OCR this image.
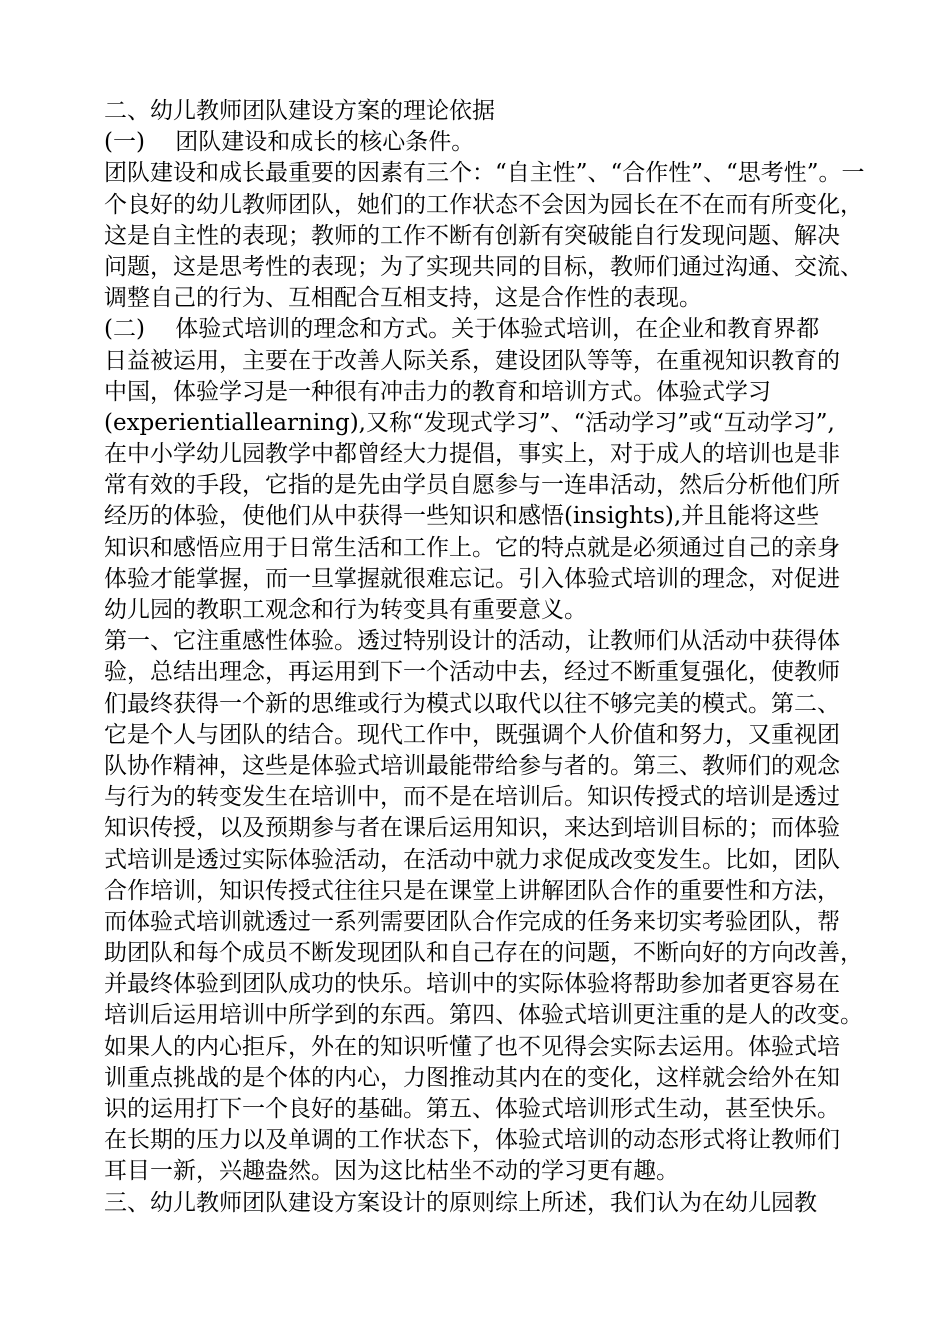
二、幼儿教师团队建设方案的理论依据
(一)　 团队建设和成长的核心条件。
团队建设和成长最重要的因素有三个：“自主性”、“合作性”、“思考性”。一
个良好的幼儿教师团队，她们的工作状态不会因为园长在不在而有所变化，
这是自主性的表现；教师的工作不断有创新有突破能自行发现问题、解决
问题，这是思考性的表现；为了实现共同的目标，教师们通过沟通、交流、
调整自己的行为、互相配合互相支持，这是合作性的表现。
(二)　 体验式培训的理念和方式。关于体验式培训，在企业和教育界都
日益被运用，主要在于改善人际关系，建设团队等等，在重视知识教育的
中国，体验学习是一种很有冲击力的教育和培训方式。体验式学习
(experientiallearning),又称“发现式学习”、“活动学习”或“互动学习”,
在中小学幼儿园教学中都曾经大力提倡，事实上，对于成人的培训也是非
常有效的手段，它指的是先由学员自愿参与一连串活动，然后分析他们所
经历的体验，使他们从中获得一些知识和感悟(insights),并且能将这些
知识和感悟应用于日常生活和工作上。它的特点就是必须通过自己的亲身
体验才能掌握，而一旦掌握就很难忘记。引入体验式培训的理念，对促进
幼儿园的教职工观念和行为转变具有重要意义。
第一、它注重感性体验。透过特别设计的活动，让教师们从活动中获得体
验，总结出理念，再运用到下一个活动中去，经过不断重复强化，使教师
们最终获得一个新的思维或行为模式以取代以往不够完美的模式。第二、
它是个人与团队的结合。现代工作中，既强调个人价值和努力，又重视团
队协作精神，这些是体验式培训最能带给参与者的。第三、教师们的观念
与行为的转变发生在培训中，而不是在培训后。知识传授式的培训是透过
知识传授，以及预期参与者在课后运用知识，来达到培训目标的；而体验
式培训是透过实际体验活动，在活动中就力求促成改变发生。比如，团队
合作培训，知识传授式往往只是在课堂上讲解团队合作的重要性和方法，
而体验式培训就透过一系列需要团队合作完成的任务来切实考验团队，帮
助团队和每个成员不断发现团队和自己存在的问题，不断向好的方向改善，
并最终体验到团队成功的快乐。培训中的实际体验将帮助参加者更容易在
培训后运用培训中所学到的东西。第四、体验式培训更注重的是人的改变。
如果人的内心拒斥，外在的知识听懂了也不见得会实际去运用。体验式培
训重点挑战的是个体的内心，力图推动其内在的变化，这样就会给外在知
识的运用打下一个良好的基础。第五、体验式培训形式生动，甚至快乐。
在长期的压力以及单调的工作状态下，体验式培训的动态形式将让教师们
耳目一新，兴趣盎然。因为这比枯坐不动的学习更有趣。
三、幼儿教师团队建设方案设计的原则综上所述，我们认为在幼儿园教
